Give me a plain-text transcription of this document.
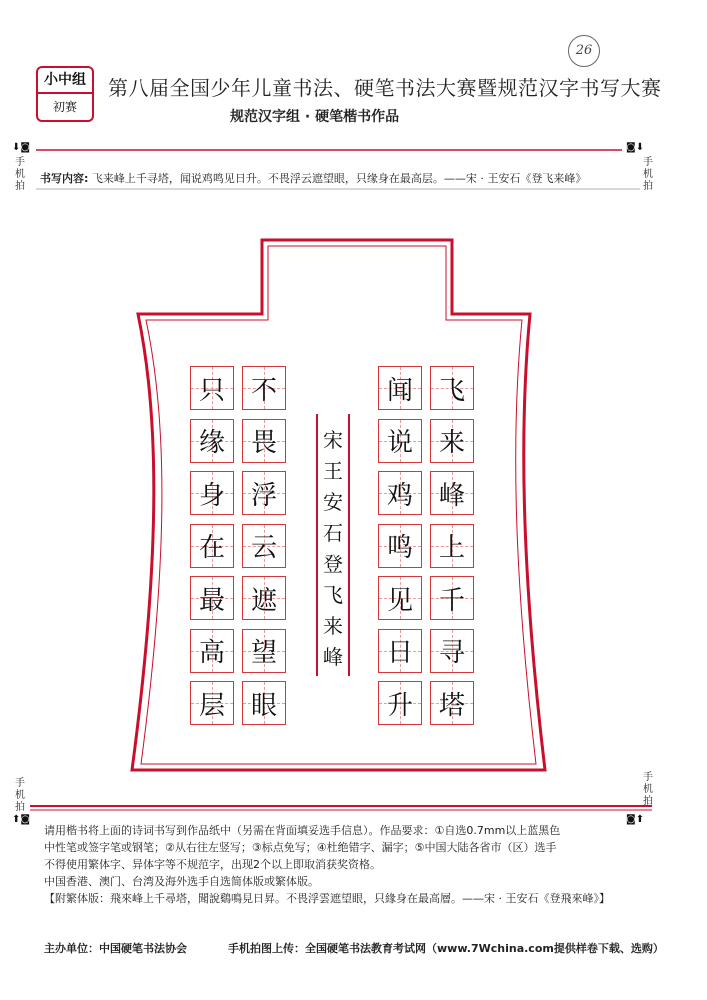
小中组
初赛
第八届全国少年儿童书法、硬笔书法大赛暨规范汉字书写大赛
规范汉字组 · 硬笔楷书作品
26
⬇◙
手机拍
◙⬇
手机拍
书写内容: 飞来峰上千寻塔，闻说鸡鸣见日升。不畏浮云遮望眼，只缘身在最高层。——宋 · 王安石《登飞来峰》
飞
来
峰
上
千
寻
塔
闻
说
鸡
鸣
见
日
升
不
畏
浮
云
遮
望
眼
只
缘
身
在
最
高
层
宋
王
安
石
登
飞
来
峰
手机拍
⬆◙
手机拍
◙⬆

请用楷书将上面的诗词书写到作品纸中（另需在背面填妥选手信息）。作品要求：①自选0.7mm以上蓝黑色

中性笔或签字笔或钢笔；②从右往左竖写；③标点免写；④杜绝错字、漏字；⑤中国大陆各省市（区）选手

不得使用繁体字、异体字等不规范字，出现2个以上即取消获奖资格。

中国香港、澳门、台湾及海外选手自选简体版或繁体版。

【附繁体版：飛來峰上千尋塔，聞說鷄鳴見日昇。不畏浮雲遮望眼，只緣身在最高層。——宋 · 王安石《登飛來峰》】

主办单位：中国硬笔书法协会	手机拍图上传：全国硬笔书法教育考试网（www.7Wchina.com提供样卷下载、选购）
